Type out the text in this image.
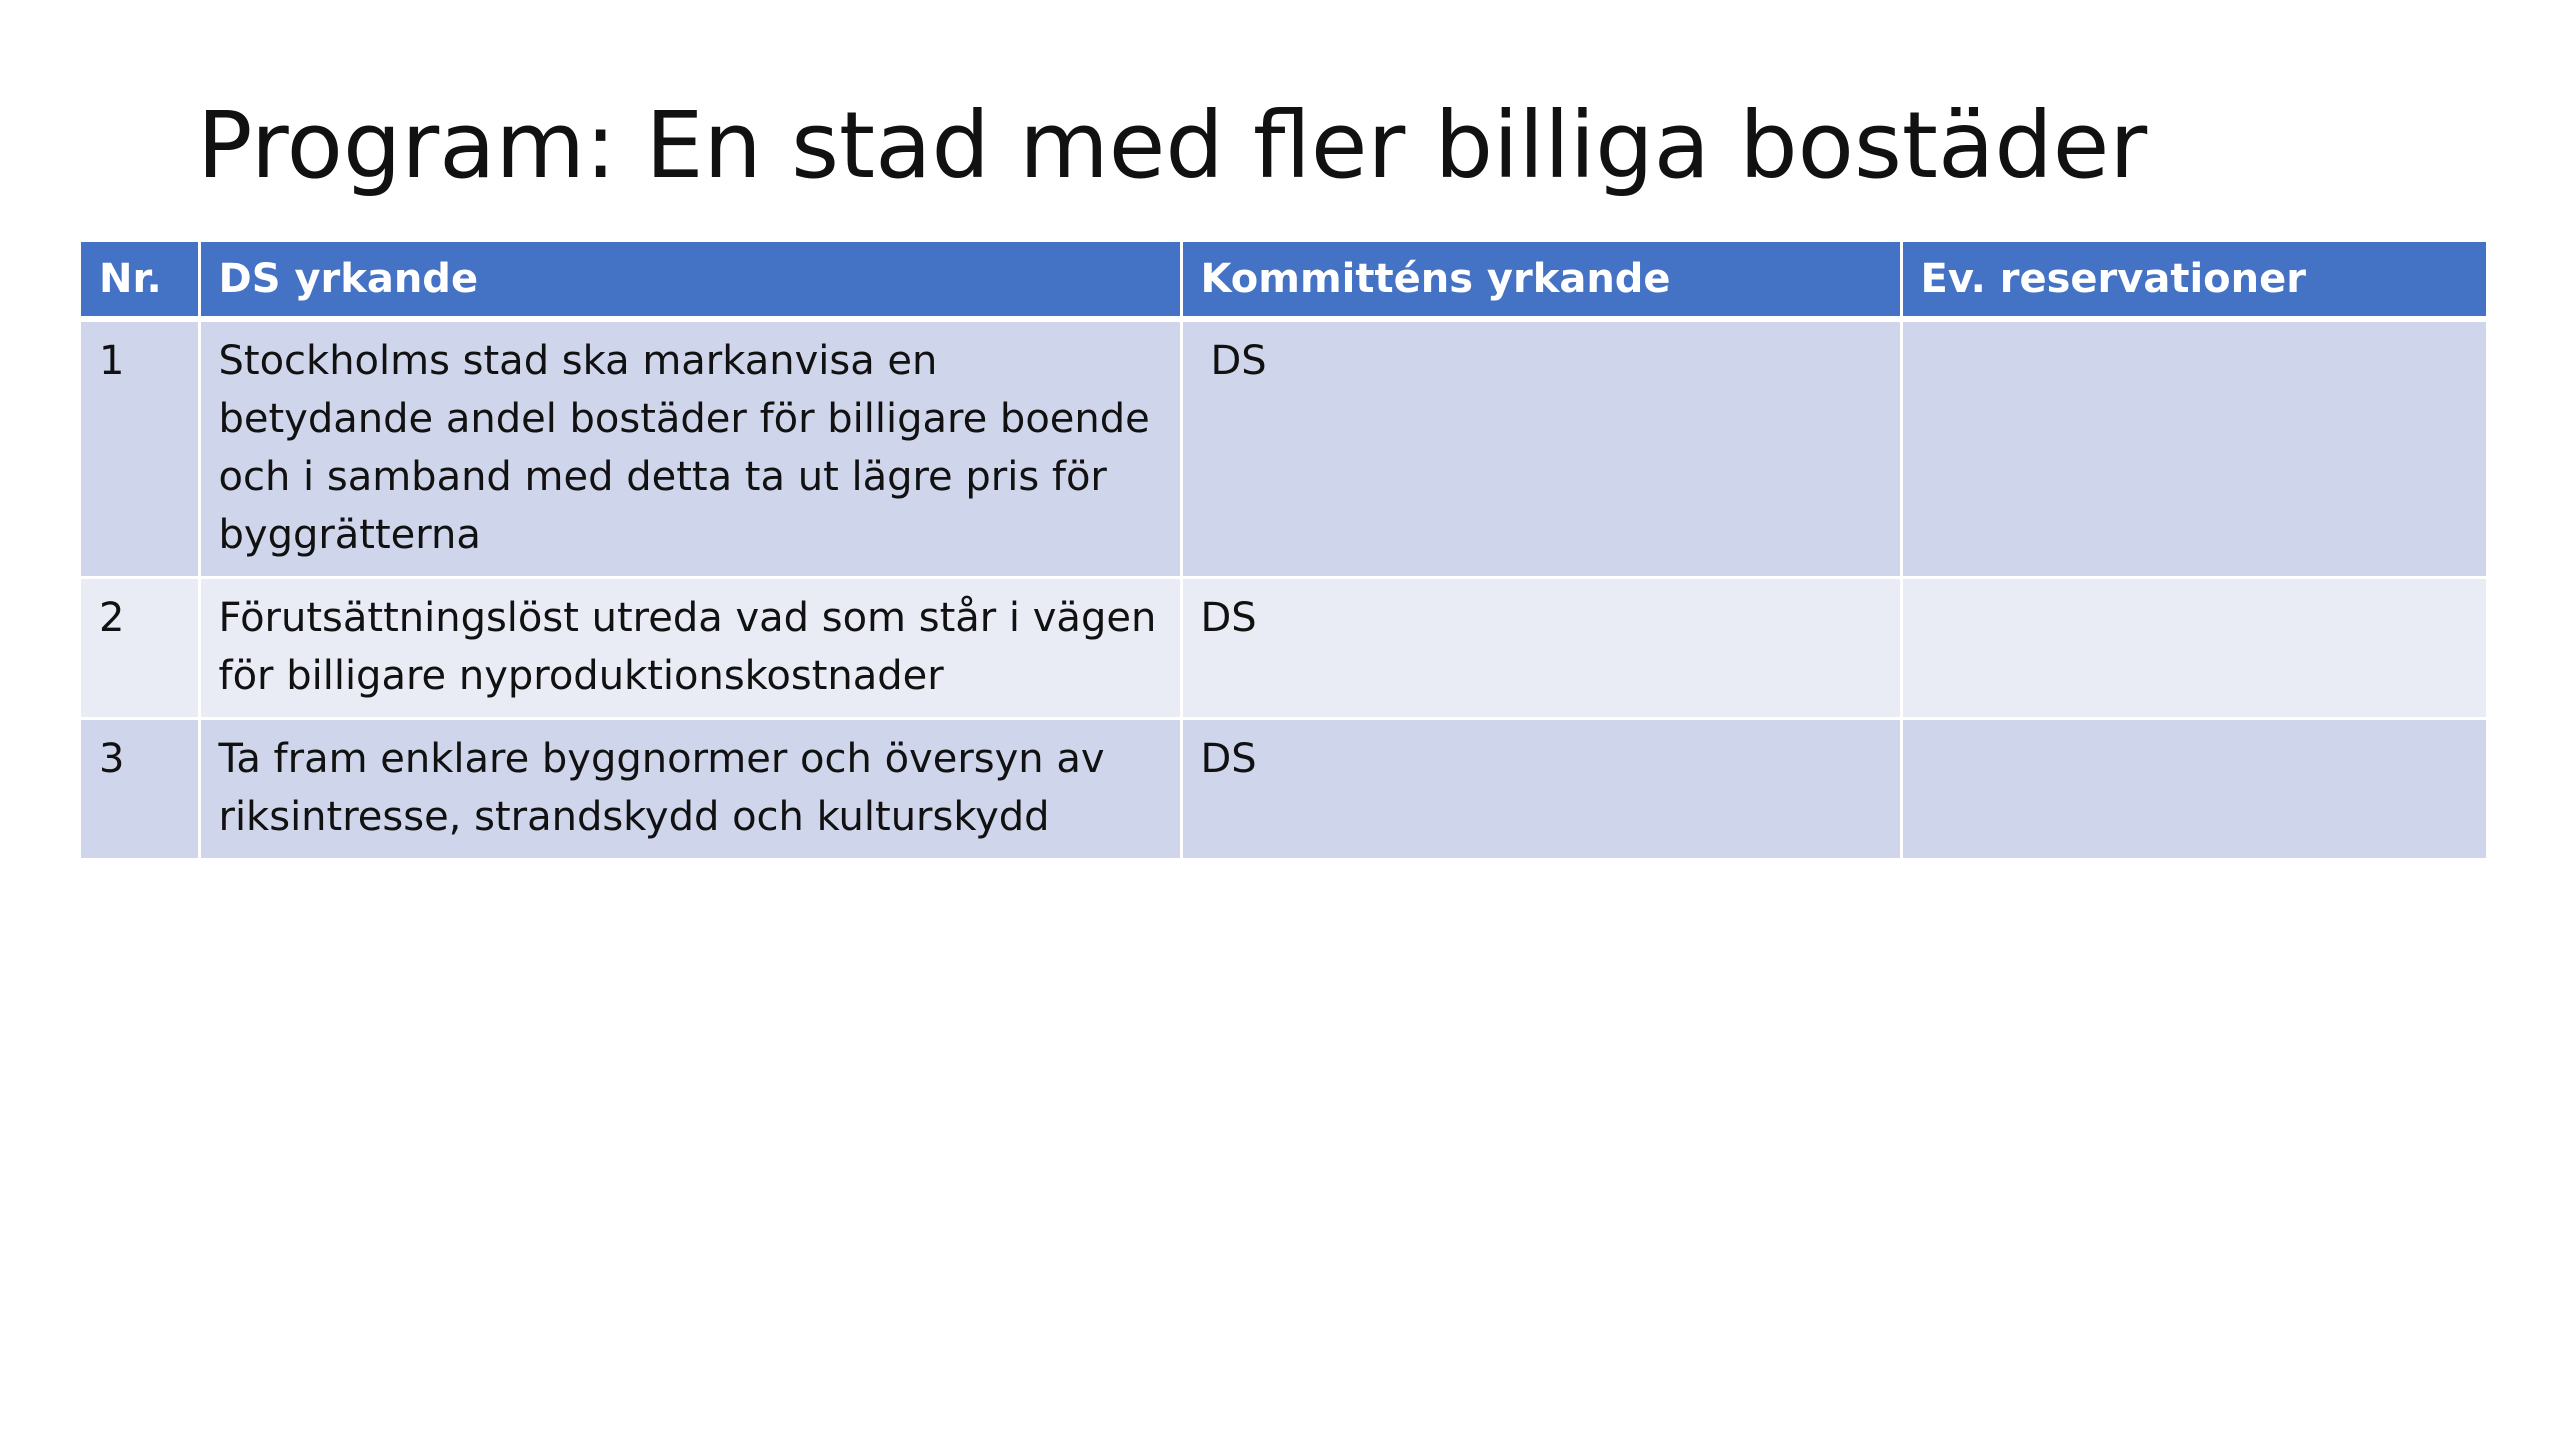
Program: En stad med fler billiga bostäder
Nr.	DS yrkande	Kommitténs yrkande	Ev. reservationer
1	Stockholms stad ska markanvisa en betydande andel bostäder för billigare boende och i samband med detta ta ut lägre pris för byggrätterna	DS	
2	Förutsättningslöst utreda vad som står i vägen för billigare nyproduktionskostnader	DS	
3	Ta fram enklare byggnormer och översyn av riksintresse, strandskydd och kulturskydd	DS	
